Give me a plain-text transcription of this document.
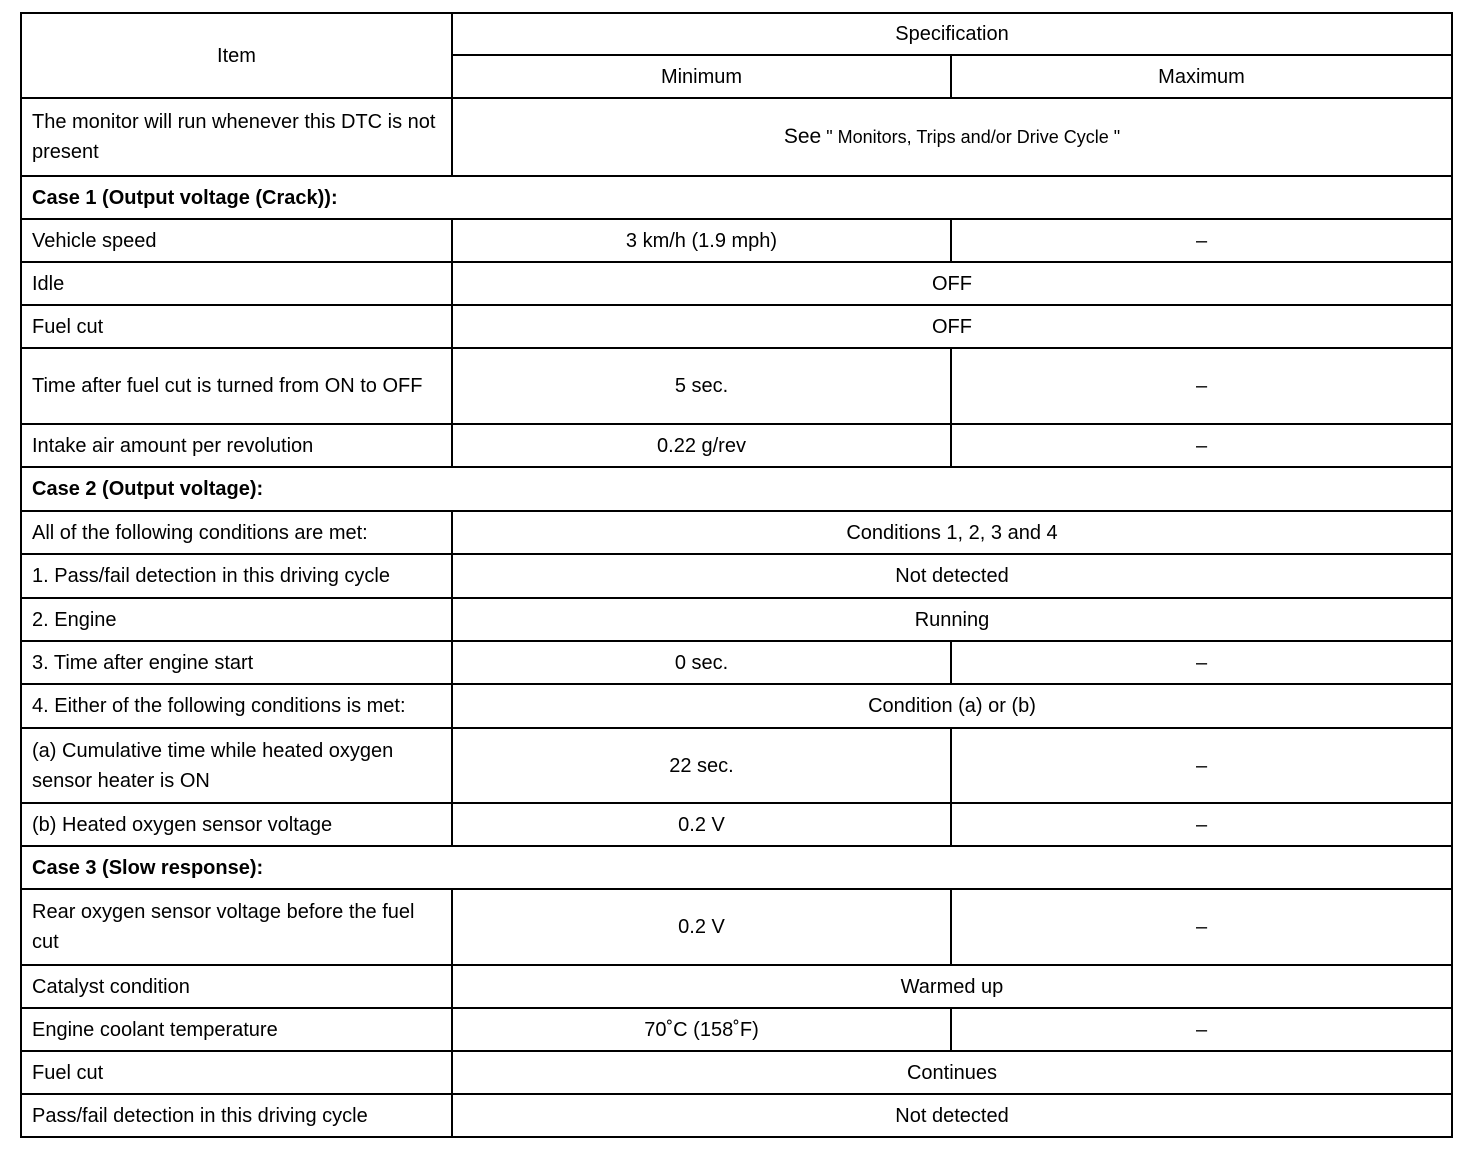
Item	Specification	
	Minimum	Maximum
The monitor will run whenever this DTC is not present	See " Monitors, Trips and/or Drive Cycle "	
Case 1 (Output voltage (Crack)):		
Vehicle speed	3 km/h (1.9 mph)	–
Idle	OFF	
Fuel cut	OFF	
Time after fuel cut is turned from ON to OFF	5 sec.	–
Intake air amount per revolution	0.22 g/rev	–
Case 2 (Output voltage):		
All of the following conditions are met:	Conditions 1, 2, 3 and 4	
1. Pass/fail detection in this driving cycle	Not detected	
2. Engine	Running	
3. Time after engine start	0 sec.	–
4. Either of the following conditions is met:	Condition (a) or (b)	
(a) Cumulative time while heated oxygen sensor heater is ON	22 sec.	–
(b) Heated oxygen sensor voltage	0.2 V	–
Case 3 (Slow response):		
Rear oxygen sensor voltage before the fuel cut	0.2 V	–
Catalyst condition	Warmed up	
Engine coolant temperature	70˚C (158˚F)	–
Fuel cut	Continues	
Pass/fail detection in this driving cycle	Not detected	
